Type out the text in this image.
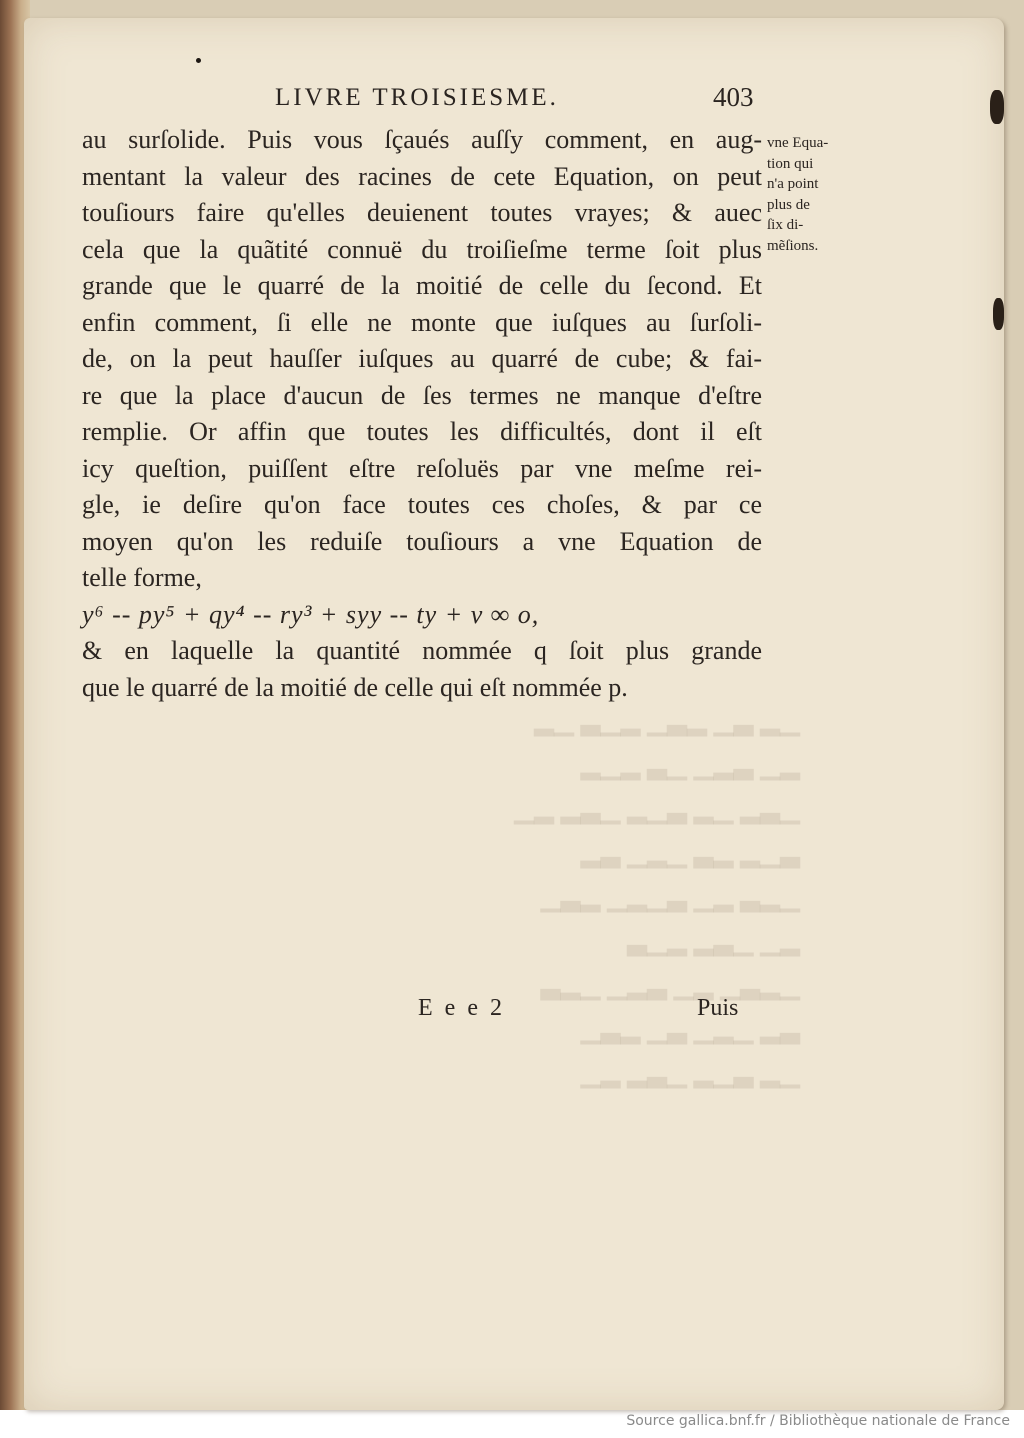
LIVRE TROISIESME.	403
au surſolide. Puis vous ſçaués auſſy comment, en aug-
mentant la valeur des racines de cete Equation, on peut
touſiours faire qu'elles deuienent toutes vrayes; & auec
cela que la quãtité connuë du troiſieſme terme ſoit plus
grande que le quarré de la moitié de celle du ſecond. Et
enfin comment, ſi elle ne monte que iuſques au ſurſoli-
de, on la peut hauſſer iuſques au quarré de cube; & fai-
re que la place d'aucun de ſes termes ne manque d'eſtre
remplie. Or affin que toutes les difficultés, dont il eſt
icy queſtion, puiſſent eſtre reſoluës par vne meſme rei-
gle, ie deſire qu'on face toutes ces choſes, & par ce
moyen qu'on les reduiſe touſiours a vne Equation de
telle forme,
y⁶ -- py⁵ + qy⁴ -- ry³ + syy -- ty + v ∞ o,
& en laquelle la quantité nommée q ſoit plus grande
que le quarré de la moitié de celle qui eſt nommée p.
vne Equa-
tion qui
n'a point
plus de
ſix di-
mẽſions.
E e e 2	Puis
Source gallica.bnf.fr / Bibliothèque nationale de France
